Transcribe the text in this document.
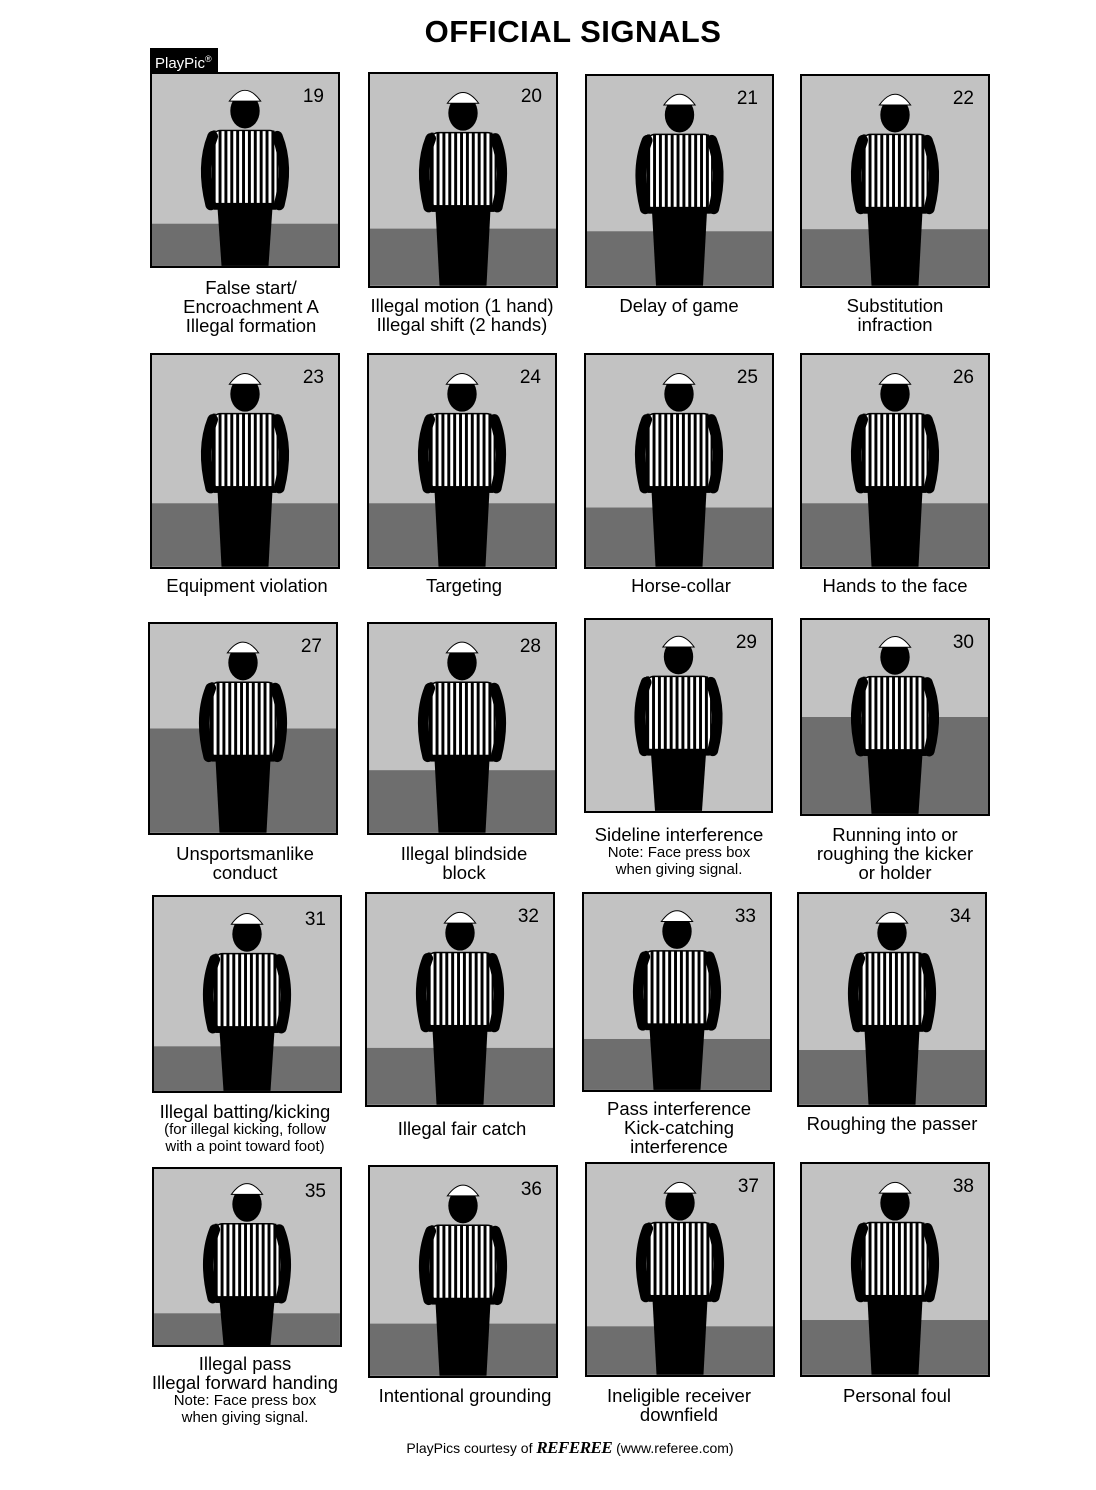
OFFICIAL SIGNALS
PlayPic®
19
False start/
Encroachment A
Illegal formation
20
Illegal motion (1 hand)
Illegal shift (2 hands)
21
Delay of game
22
Substitution
infraction
23
Equipment violation
24
Targeting
25
Horse-collar
26
Hands to the face
27
Unsportsmanlike
conduct
28
Illegal blindside
block
29
Sideline interference
Note: Face press box
when giving signal.
30
Running into or
roughing the kicker
or holder
31
Illegal batting/kicking
(for illegal kicking, follow
with a point toward foot)
32
Illegal fair catch
33
Pass interference
Kick-catching
interference
34
Roughing the passer
35
Illegal pass
Illegal forward handing
Note: Face press box
when giving signal.
36
Intentional grounding
37
Ineligible receiver
downfield
38
Personal foul
PlayPics courtesy of REFEREE (www.referee.com)
